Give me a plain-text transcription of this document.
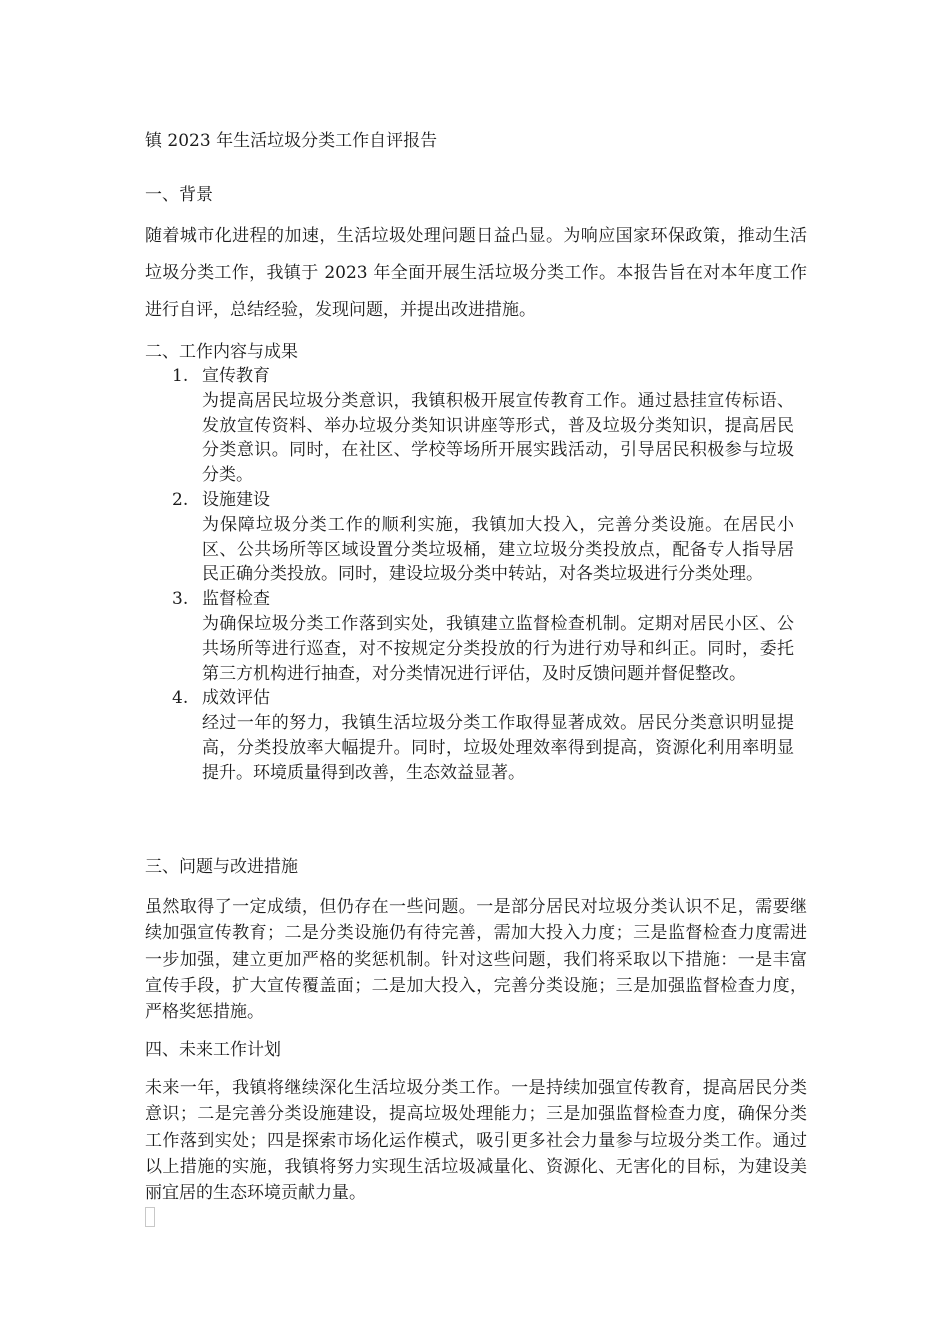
镇 2023 年生活垃圾分类工作自评报告
一、背景

随着城市化进程的加速，生活垃圾处理问题日益凸显。为响应国家环保政策，推动生活垃圾分类工作，我镇于 2023 年全面开展生活垃圾分类工作。本报告旨在对本年度工作进行自评，总结经验，发现问题，并提出改进措施。

二、工作内容与成果
1. 宣传教育
为提高居民垃圾分类意识，我镇积极开展宣传教育工作。通过悬挂宣传标语、发放宣传资料、举办垃圾分类知识讲座等形式，普及垃圾分类知识，提高居民分类意识。同时，在社区、学校等场所开展实践活动，引导居民积极参与垃圾分类。
2. 设施建设
为保障垃圾分类工作的顺利实施，我镇加大投入，完善分类设施。在居民小区、公共场所等区域设置分类垃圾桶，建立垃圾分类投放点，配备专人指导居民正确分类投放。同时，建设垃圾分类中转站，对各类垃圾进行分类处理。
3. 监督检查
为确保垃圾分类工作落到实处，我镇建立监督检查机制。定期对居民小区、公共场所等进行巡查，对不按规定分类投放的行为进行劝导和纠正。同时，委托第三方机构进行抽查，对分类情况进行评估，及时反馈问题并督促整改。
4. 成效评估
经过一年的努力，我镇生活垃圾分类工作取得显著成效。居民分类意识明显提高，分类投放率大幅提升。同时，垃圾处理效率得到提高，资源化利用率明显提升。环境质量得到改善，生态效益显著。
三、问题与改进措施

虽然取得了一定成绩，但仍存在一些问题。一是部分居民对垃圾分类认识不足，需要继续加强宣传教育；二是分类设施仍有待完善，需加大投入力度；三是监督检查力度需进一步加强，建立更加严格的奖惩机制。针对这些问题，我们将采取以下措施：一是丰富宣传手段，扩大宣传覆盖面；二是加大投入，完善分类设施；三是加强监督检查力度，严格奖惩措施。

四、未来工作计划

未来一年，我镇将继续深化生活垃圾分类工作。一是持续加强宣传教育，提高居民分类意识；二是完善分类设施建设，提高垃圾处理能力；三是加强监督检查力度，确保分类工作落到实处；四是探索市场化运作模式，吸引更多社会力量参与垃圾分类工作。通过以上措施的实施，我镇将努力实现生活垃圾减量化、资源化、无害化的目标，为建设美丽宜居的生态环境贡献力量。
